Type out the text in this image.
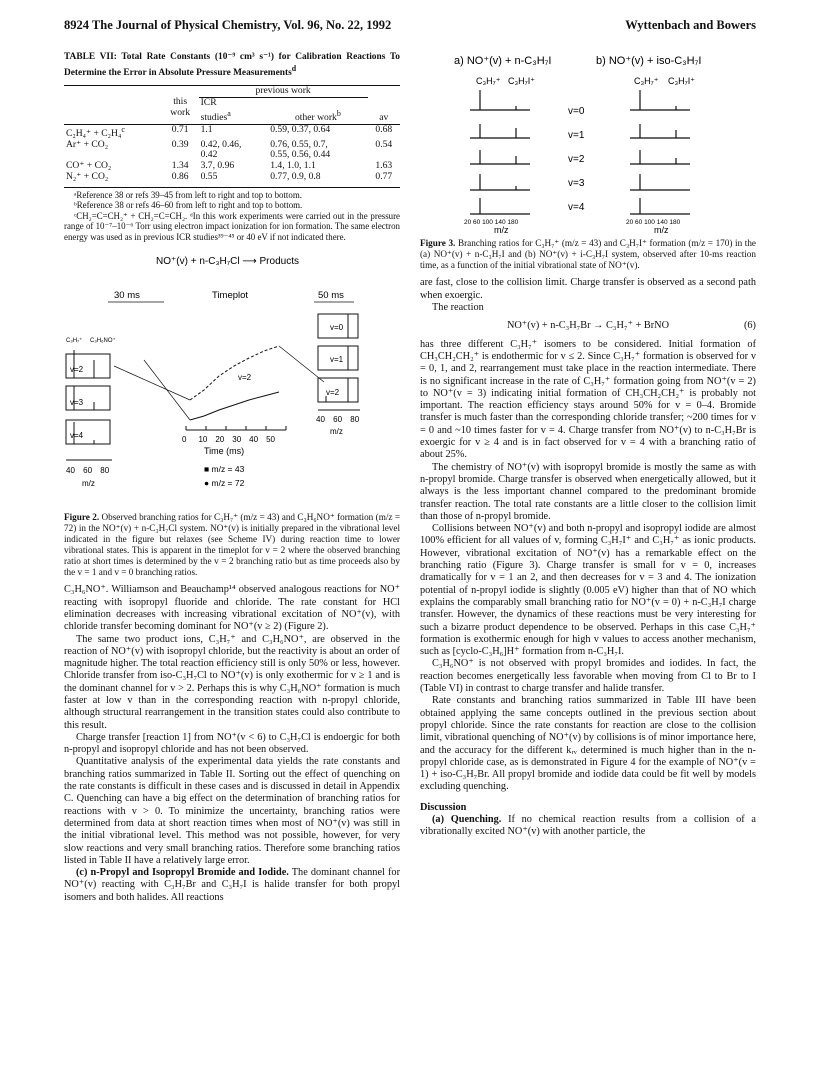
8924 The Journal of Physical Chemistry, Vol. 96, No. 22, 1992	Wyttenbach and Bowers
TABLE VII: Total Rate Constants (10⁻⁹ cm³ s⁻¹) for Calibration Reactions To Determine the Error in Absolute Pressure Measurements$^d$
		previous work		
	this
work	ICR
studies$^a$	other work$^b$	av
C₂H₄⁺ + C₂H₄$^c$	0.71	1.1	0.59, 0.37, 0.64	0.68
Ar⁺ + CO₂	0.39	0.42, 0.46,	0.76, 0.55, 0.7,	0.54
		0.42	0.55, 0.56, 0.44	
CO⁺ + CO₂	1.34	3.7, 0.96	1.4, 1.0, 1.1	1.63
N₂⁺ + CO₂	0.86	0.55	0.77, 0.9, 0.8	0.77
ᵃReference 38 or refs 39–45 from left to right and top to bottom.
ᵇReference 38 or refs 46–60 from left to right and top to bottom.
ᶜCH₂=C=CH₂⁺ + CH₂=C=CH₂. ᵈIn this work experiments were carried out in the pressure range of 10⁻⁷–10⁻⁶ Torr using electron impact ionization for ion formation. The same electron energy was used as in previous ICR studies³⁹⁻⁴⁵ or 40 eV if not indicated there.
NO⁺(v) + n-C₃H₇Cl ⟶ Products
30 ms	Timeplot	50 ms
C₃H₇⁺ C₃H₆NO⁺
v=2
v=3
v=4
40 60 80
m/z
v=2
0 10 20 30 40 50
Time (ms)
■ m/z = 43
● m/z = 72
v=0
v=1
v=2
40 60 80
m/z
Figure 2. Observed branching ratios for C₃H₇⁺ (m/z = 43) and C₃H₆NO⁺ formation (m/z = 72) in the NO⁺(v) + n-C₃H₇Cl system. NO⁺(v) is initially prepared in the vibrational level indicated in the figure but relaxes (see Scheme IV) during reaction time to lower vibrational states. This is apparent in the timeplot for v = 2 where the observed branching ratio at short times is determined by the v = 2 branching ratio but as time proceeds also by the v = 1 and v = 0 branching ratios.

C₃H₆NO⁺. Williamson and Beauchamp¹⁴ observed analogous reactions for NO⁺ reacting with isopropyl fluoride and chloride. The rate constant for HCl elimination decreases with increasing vibrational excitation of NO⁺(v), with chloride transfer becoming dominant for NO⁺(v ≥ 2) (Figure 2).

The same two product ions, C₃H₇⁺ and C₃H₆NO⁺, are observed in the reaction of NO⁺(v) with isopropyl chloride, but the reactivity is about an order of magnitude higher. The total reaction efficiency still is only 50% or less, however. Chloride transfer from iso-C₃H₇Cl to NO⁺(v) is only exothermic for v ≥ 1 and is the dominant channel for v > 2. Perhaps this is why C₃H₆NO⁺ formation is much faster at low v than in the corresponding reaction with n-propyl chloride, although structural rearrangement in the transition states could also contribute to this result.

Charge transfer [reaction 1] from NO⁺(v < 6) to C₃H₇Cl is endoergic for both n-propyl and isopropyl chloride and has not been observed.

Quantitative analysis of the experimental data yields the rate constants and branching ratios summarized in Table II. Sorting out the effect of quenching on the rate constants is difficult in these cases and is discussed in detail in Appendix C. Quenching can have a big effect on the determination of branching ratios for reactions with v > 0. To minimize the uncertainty, branching ratios were determined from data at short reaction times when most of NO⁺(v) was still in the initial vibrational level. This method was not possible, however, for very slow reactions and very small branching ratios. Therefore some branching ratios listed in Table II have a relatively large error.

(c) n-Propyl and Isopropyl Bromide and Iodide. The dominant channel for NO⁺(v) reacting with C₃H₇Br and C₃H₇I is halide transfer for both propyl isomers and both halides. All reactions

a) NO⁺(v) + n-C₃H₇I	b) NO⁺(v) + iso-C₃H₇I
C₃H₇⁺ C₃H₇I⁺	C₃H₇⁺ C₃H₇I⁺
v=0
v=1
v=2
v=3
v=4
20 60 100 140 180	20 60 100 140 180
m/z	m/z
Figure 3. Branching ratios for C₃H₇⁺ (m/z = 43) and C₃H₇I⁺ formation (m/z = 170) in the (a) NO⁺(v) + n-C₃H₇I and (b) NO⁺(v) + i-C₃H₇I system, observed after 10-ms reaction time, as a function of the initial vibrational state of NO⁺(v).

are fast, close to the collision limit. Charge transfer is observed as a second path when exoergic.

The reaction

NO⁺(v) + n-C₃H₇Br → C₃H₇⁺ + BrNO	(6)

has three different C₃H₇⁺ isomers to be considered. Initial formation of CH₃CH₂CH₂⁺ is endothermic for v ≤ 2. Since C₃H₇⁺ formation is observed for v = 0, 1, and 2, rearrangement must take place in the reaction intermediate. There is no significant increase in the rate of C₃H₇⁺ formation going from NO⁺(v = 2) to NO⁺(v = 3) indicating initial formation of CH₃CH₂CH₂⁺ is probably not important. The reaction efficiency stays around 50% for v = 0–4. Bromide transfer is much faster than the corresponding chloride transfer; ~200 times for v = 0 and ~10 times faster for v = 4. Charge transfer from NO⁺(v) to n-C₃H₇Br is exoergic for v ≥ 4 and is in fact observed for v = 4 with a branching ratio of about 25%.

The chemistry of NO⁺(v) with isopropyl bromide is mostly the same as with n-propyl bromide. Charge transfer is observed when energetically allowed, but it always is the less important channel compared to the predominant bromide transfer reaction. The total rate constants are a little closer to the collision limit than those of n-propyl bromide.

Collisions between NO⁺(v) and both n-propyl and isopropyl iodide are almost 100% efficient for all values of v, forming C₃H₇I⁺ and C₃H₇⁺ as ionic products. However, vibrational excitation of NO⁺(v) has a remarkable effect on the branching ratio (Figure 3). Charge transfer is small for v = 0, increases dramatically for v = 1 an 2, and then decreases for v = 3 and 4. The ionization potential of n-propyl iodide is slightly (0.005 eV) higher than that of NO which explains the comparably small branching ratio for NO⁺(v = 0) + n-C₃H₇I charge transfer. However, the dynamics of these reactions must be very interesting for such a bizarre product dependence to be observed. Perhaps in this case C₃H₇⁺ formation is exothermic enough for high v values to access another mechanism, such as [cyclo-C₃H₆]H⁺ formation from n-C₃H₇I.

C₃H₆NO⁺ is not observed with propyl bromides and iodides. In fact, the reaction becomes energetically less favorable when moving from Cl to Br to I (Table VI) in contrast to charge transfer and halide transfer.

Rate constants and branching ratios summarized in Table III have been obtained applying the same concepts outlined in the previous section about propyl chloride. Since the rate constants for reaction are close to the collision limit, vibrational quenching of NO⁺(v) by collisions is of minor importance here, and the accuracy for the different kᵣᵥ determined is much higher than in the n-propyl chloride case, as is demonstrated in Figure 4 for the example of NO⁺(v = 1) + iso-C₃H₇Br. All propyl bromide and iodide data could be fit well by models excluding quenching.

Discussion

(a) Quenching. If no chemical reaction results from a collision of a vibrationally excited NO⁺(v) with another particle, the
